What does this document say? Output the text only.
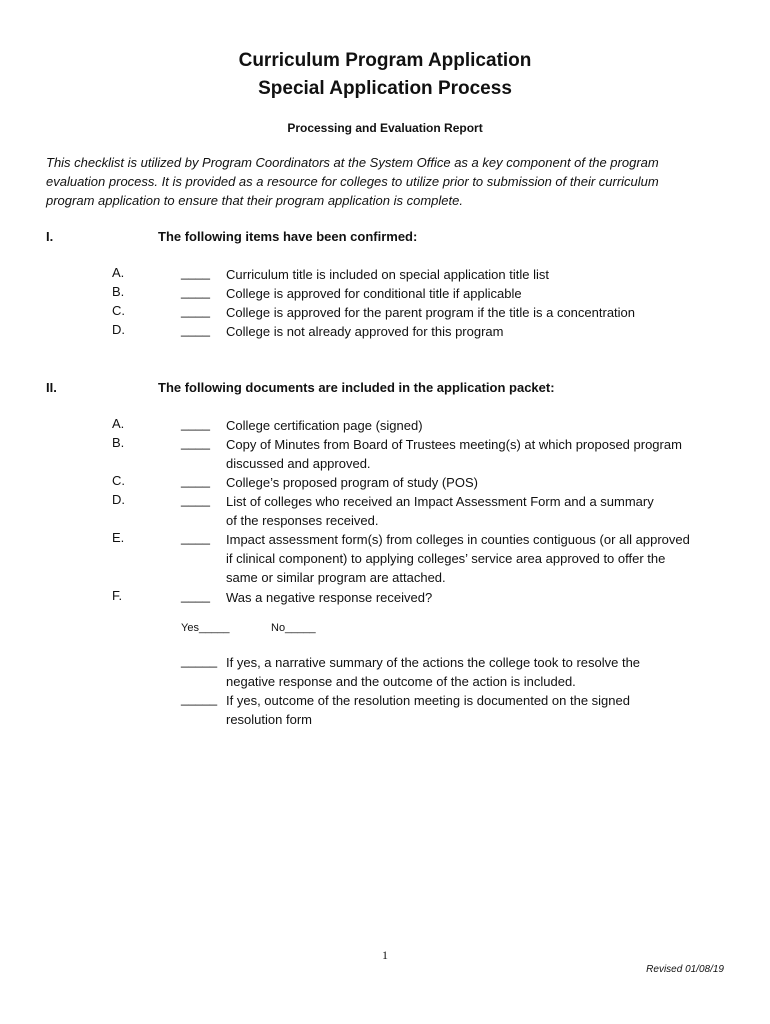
Curriculum Program Application
Special Application Process
Processing and Evaluation Report
This checklist is utilized by Program Coordinators at the System Office as a key component of the program
evaluation process. It is provided as a resource for colleges to utilize prior to submission of their curriculum
program application to ensure that their program application is complete.
I.	The following items have been confirmed:
A.	____ Curriculum title is included on special application title list
B.	____ College is approved for conditional title if applicable
C.	____ College is approved for the parent program if the title is a concentration
D.	____ College is not already approved for this program
II.	The following documents are included in the application packet:
A.	____ College certification page (signed)
B.	____ Copy of Minutes from Board of Trustees meeting(s) at which proposed program
discussed and approved.
C.	____ College’s proposed program of study (POS)
D.	____ List of colleges who received an Impact Assessment Form and a summary
of the responses received.
E.	____ Impact assessment form(s) from colleges in counties contiguous (or all approved
if clinical component) to applying colleges’ service area approved to offer the
same or similar program are attached.
F.	____ Was a negative response received?
Yes_____	No_____
_____ If yes, a narrative summary of the actions the college took to resolve the
negative response and the outcome of the action is included.
_____ If yes, outcome of the resolution meeting is documented on the signed
resolution form
1
Revised 01/08/19
